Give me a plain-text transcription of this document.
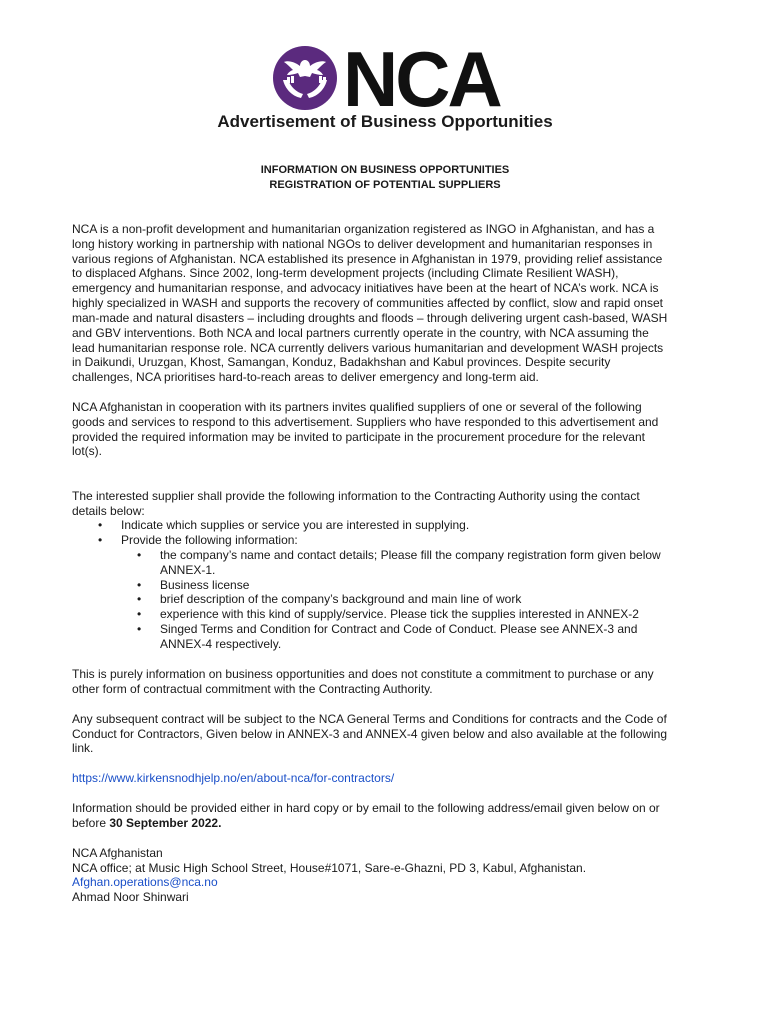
NCA
Advertisement of Business Opportunities
INFORMATION ON BUSINESS OPPORTUNITIES
REGISTRATION OF POTENTIAL SUPPLIERS
NCA is a non-profit development and humanitarian organization registered as INGO in Afghanistan, and has a
long history working in partnership with national NGOs to deliver development and humanitarian responses in
various regions of Afghanistan. NCA established its presence in Afghanistan in 1979, providing relief assistance
to displaced Afghans. Since 2002, long-term development projects (including Climate Resilient WASH),
emergency and humanitarian response, and advocacy initiatives have been at the heart of NCA’s work. NCA is
highly specialized in WASH and supports the recovery of communities affected by conflict, slow and rapid onset
man-made and natural disasters – including droughts and floods – through delivering urgent cash-based, WASH
and GBV interventions. Both NCA and local partners currently operate in the country, with NCA assuming the
lead humanitarian response role. NCA currently delivers various humanitarian and development WASH projects
in Daikundi, Uruzgan, Khost, Samangan, Konduz, Badakhshan and Kabul provinces. Despite security
challenges, NCA prioritises hard-to-reach areas to deliver emergency and long-term aid.
NCA Afghanistan in cooperation with its partners invites qualified suppliers of one or several of the following
goods and services to respond to this advertisement. Suppliers who have responded to this advertisement and
provided the required information may be invited to participate in the procurement procedure for the relevant
lot(s).
The interested supplier shall provide the following information to the Contracting Authority using the contact
details below:
• Indicate which supplies or service you are interested in supplying.
• Provide the following information:
• the company’s name and contact details; Please fill the company registration form given below
ANNEX-1.
• Business license
• brief description of the company’s background and main line of work
• experience with this kind of supply/service. Please tick the supplies interested in ANNEX-2
• Singed Terms and Condition for Contract and Code of Conduct. Please see ANNEX-3 and
ANNEX-4 respectively.
This is purely information on business opportunities and does not constitute a commitment to purchase or any
other form of contractual commitment with the Contracting Authority.
Any subsequent contract will be subject to the NCA General Terms and Conditions for contracts and the Code of
Conduct for Contractors, Given below in ANNEX-3 and ANNEX-4 given below and also available at the following
link.
https://www.kirkensnodhjelp.no/en/about-nca/for-contractors/
Information should be provided either in hard copy or by email to the following address/email given below on or
before 30 September 2022.
NCA Afghanistan
NCA office; at Music High School Street, House#1071, Sare-e-Ghazni, PD 3, Kabul, Afghanistan.
Afghan.operations@nca.no
Ahmad Noor Shinwari
